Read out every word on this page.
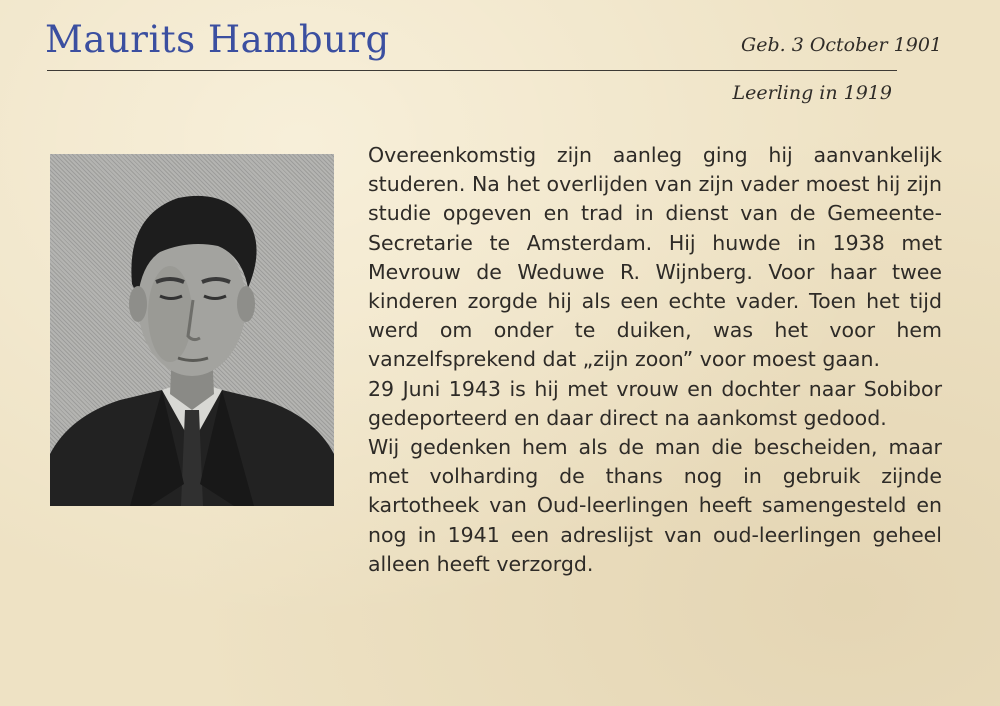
Maurits Hamburg	Geb. 3 October 1901
Leerling in 1919

Overeenkomstig zijn aanleg ging hij aanvankelijk studeren. Na het overlijden van zijn vader moest hij zijn studie opgeven en trad in dienst van de Gemeente-Secretarie te Amsterdam. Hij huwde in 1938 met Mevrouw de Weduwe R. Wijnberg. Voor haar twee kinderen zorgde hij als een echte vader. Toen het tijd werd om onder te duiken, was het voor hem vanzelfsprekend dat „zijn zoon” voor moest gaan.

29 Juni 1943 is hij met vrouw en dochter naar Sobibor gedeporteerd en daar direct na aankomst gedood.

Wij gedenken hem als de man die bescheiden, maar met volharding de thans nog in gebruik zijnde kartotheek van Oud-leerlingen heeft samengesteld en nog in 1941 een adreslijst van oud-leerlingen geheel alleen heeft verzorgd.
